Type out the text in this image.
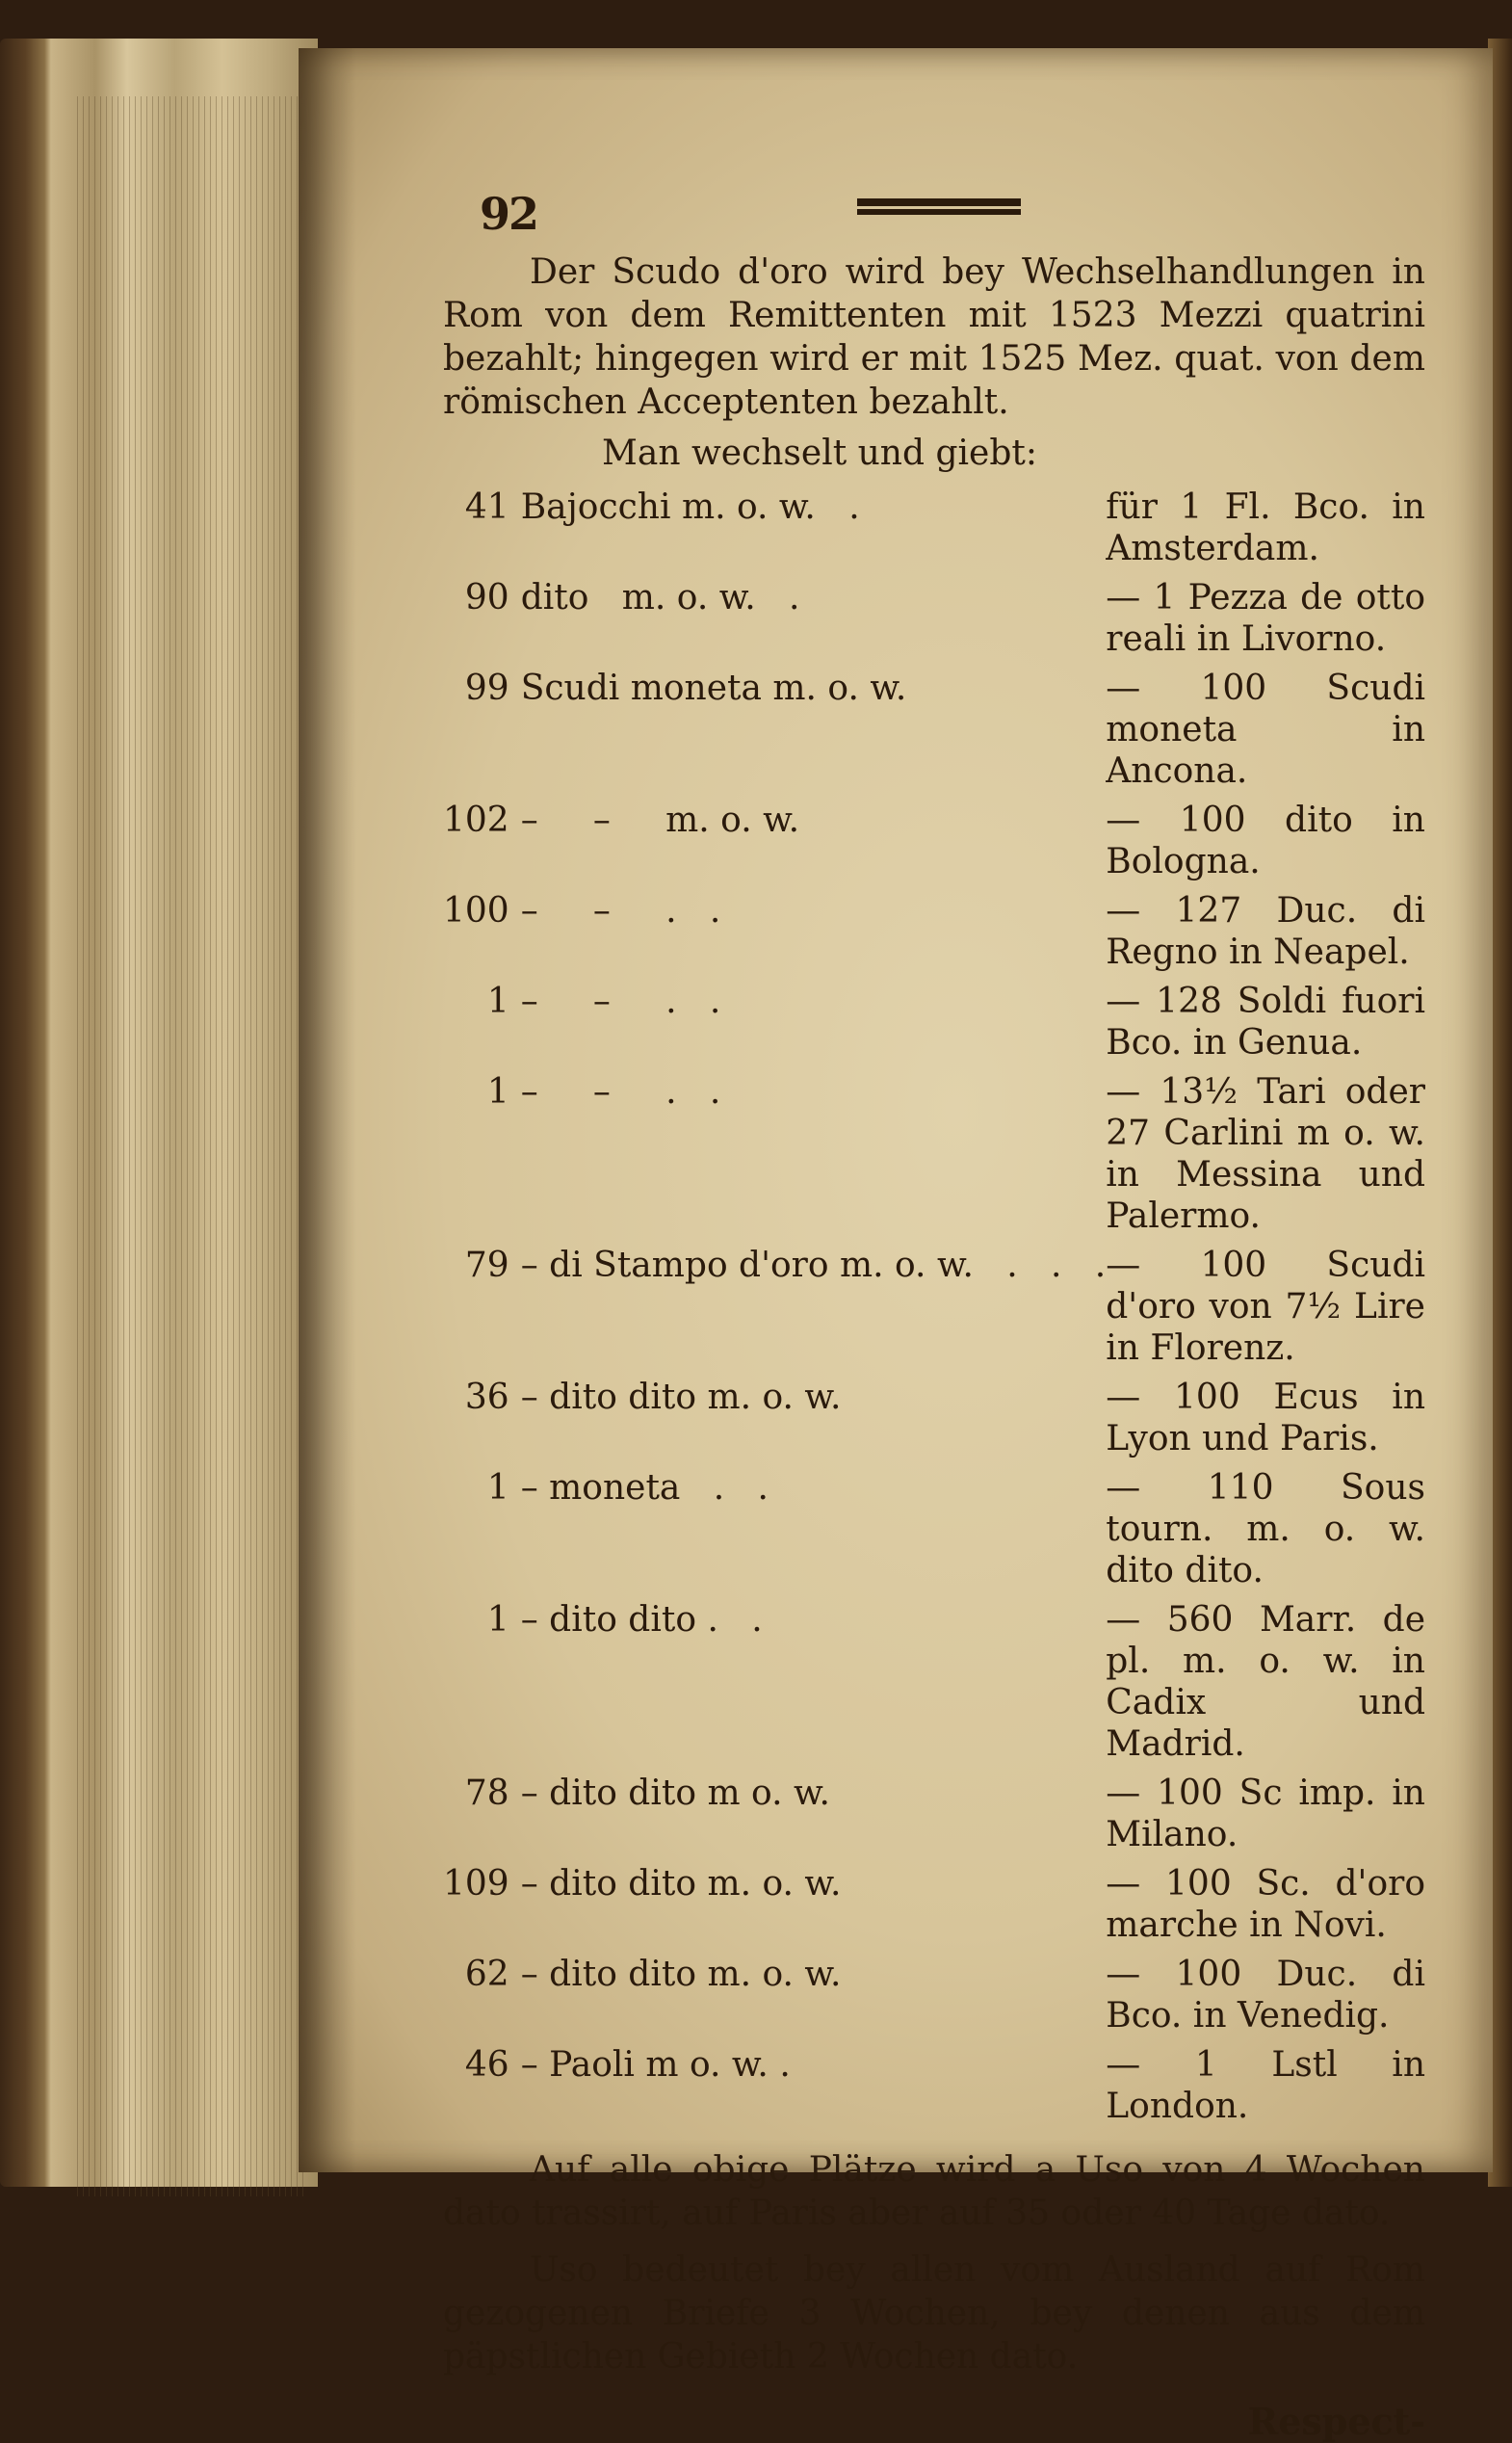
92

Der Scudo d'oro wird bey Wechselhandlungen in Rom von dem Remittenten mit 1523 Mezzi quatrini bezahlt; hingegen wird er mit 1525 Mez. quat. von dem römischen Acceptenten bezahlt.

Man wechselt und giebt:
41	Bajocchi m. o. w.   .	für 1 Fl. Bco. in Amsterdam.

90	dito   m. o. w.   .	— 1 Pezza de otto reali in Livorno.

99	Scudi moneta m. o. w.	— 100 Scudi moneta in Ancona.

102	–     –     m. o. w.	— 100 dito in Bologna.

100	–     –     .   .	— 127 Duc. di Regno in Neapel.

1	–     –     .   .	— 128 Soldi fuori Bco. in Genua.

1	–     –     .   .	— 13½ Tari oder 27 Carlini m o. w. in Messina und Palermo.

79	– di Stampo d'oro m. o. w.   .   .   .	— 100 Scudi d'oro von 7½ Lire in Florenz.

36	– dito dito m. o. w.	— 100 Ecus in Lyon und Paris.

1	– moneta   .   .	— 110 Sous tourn. m. o. w. dito dito.

1	– dito dito .   .	— 560 Marr. de pl. m. o. w. in Cadix und Madrid.

78	– dito dito m o. w.	— 100 Sc imp. in Milano.

109	– dito dito m. o. w.	— 100 Sc. d'oro marche in Novi.

62	– dito dito m. o. w.	— 100 Duc. di Bco. in Venedig.

46	– Paoli m o. w. .	— 1 Lstl in London.

Auf alle obige Plätze wird a Uso von 4 Wochen dato trassirt, auf Paris aber auf 35 oder 40 Tage dato.

Uso bedeutet bey allen vom Ausland auf Rom gezogenen Briefe 3 Wochen, bey denen aus dem päpstlichen Gebieth 2 Wochen dato.

Respect-
